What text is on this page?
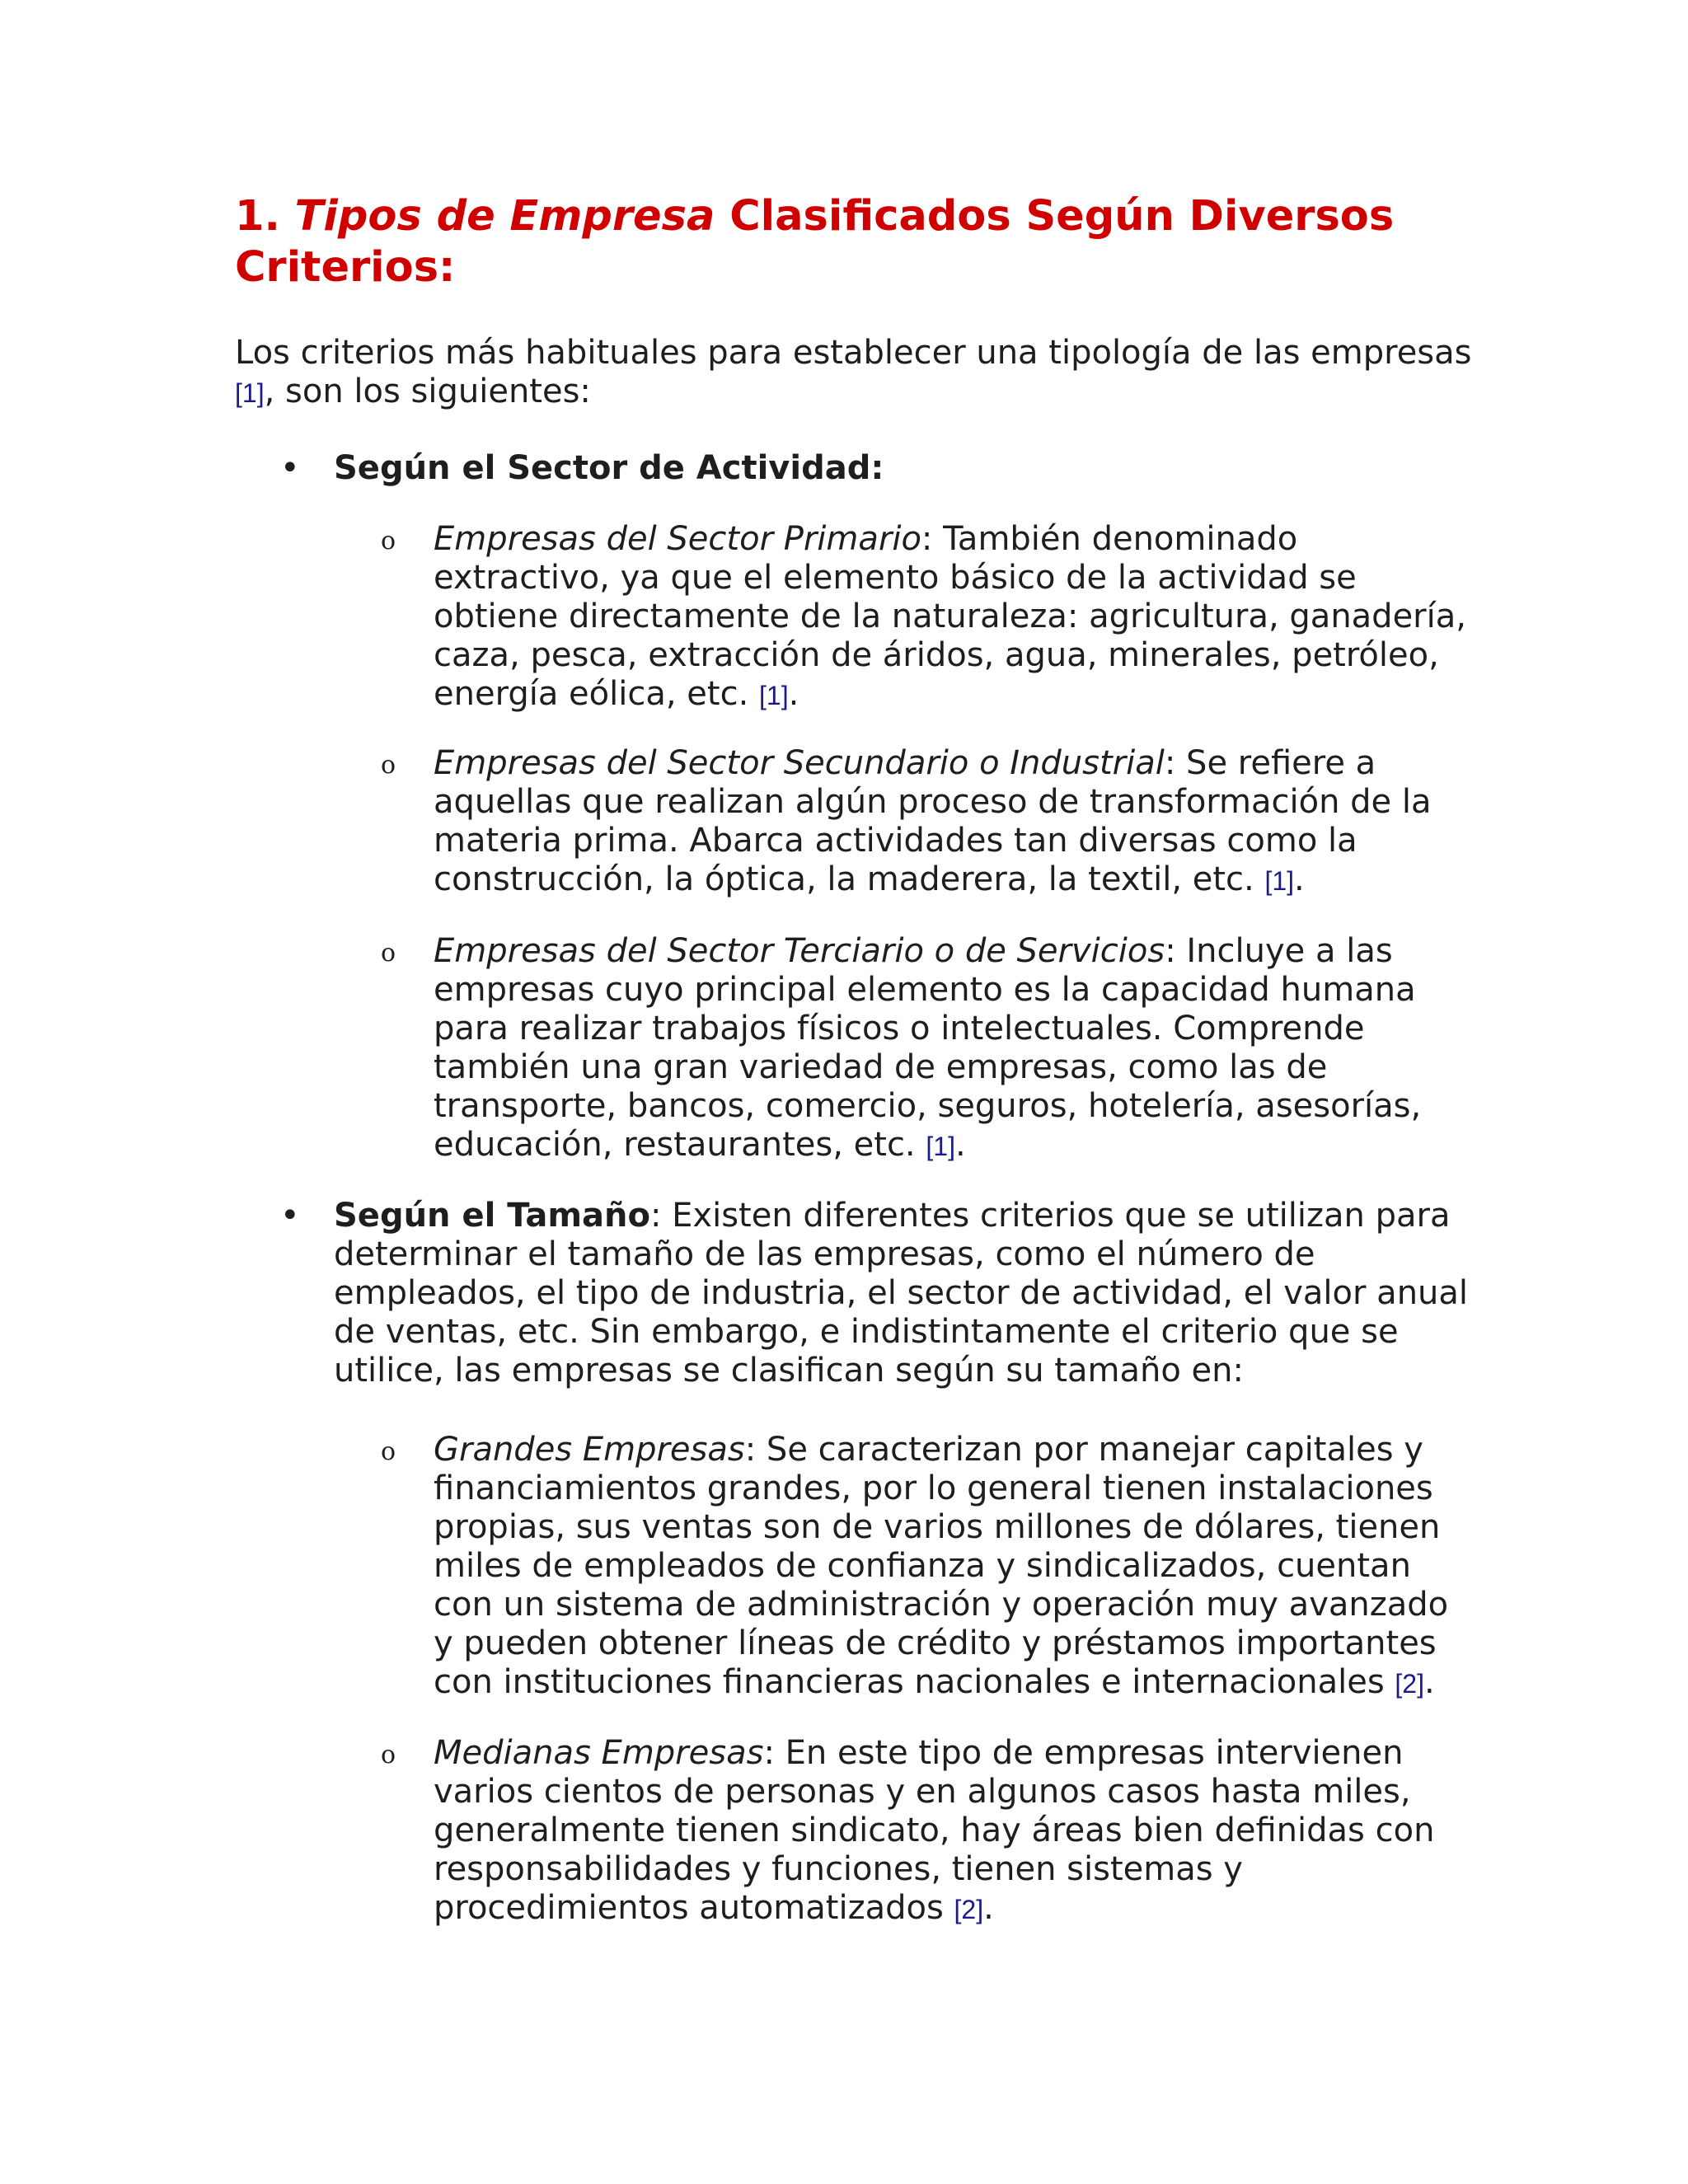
1. Tipos de Empresa Clasificados Según Diversos Criterios:

Los criterios más habituales para establecer una tipología de las empresas [1], son los siguientes:

• Según el Sector de Actividad:

o Empresas del Sector Primario: También denominado extractivo, ya que el elemento básico de la actividad se obtiene directamente de la naturaleza: agricultura, ganadería, caza, pesca, extracción de áridos, agua, minerales, petróleo, energía eólica, etc. [1].

o Empresas del Sector Secundario o Industrial: Se refiere a aquellas que realizan algún proceso de transformación de la materia prima. Abarca actividades tan diversas como la construcción, la óptica, la maderera, la textil, etc. [1].

o Empresas del Sector Terciario o de Servicios: Incluye a las empresas cuyo principal elemento es la capacidad humana para realizar trabajos físicos o intelectuales. Comprende también una gran variedad de empresas, como las de transporte, bancos, comercio, seguros, hotelería, asesorías, educación, restaurantes, etc. [1].

• Según el Tamaño: Existen diferentes criterios que se utilizan para determinar el tamaño de las empresas, como el número de empleados, el tipo de industria, el sector de actividad, el valor anual de ventas, etc. Sin embargo, e indistintamente el criterio que se utilice, las empresas se clasifican según su tamaño en:

o Grandes Empresas: Se caracterizan por manejar capitales y financiamientos grandes, por lo general tienen instalaciones propias, sus ventas son de varios millones de dólares, tienen miles de empleados de confianza y sindicalizados, cuentan con un sistema de administración y operación muy avanzado y pueden obtener líneas de crédito y préstamos importantes con instituciones financieras nacionales e internacionales [2].

o Medianas Empresas: En este tipo de empresas intervienen varios cientos de personas y en algunos casos hasta miles, generalmente tienen sindicato, hay áreas bien definidas con responsabilidades y funciones, tienen sistemas y procedimientos automatizados [2].
